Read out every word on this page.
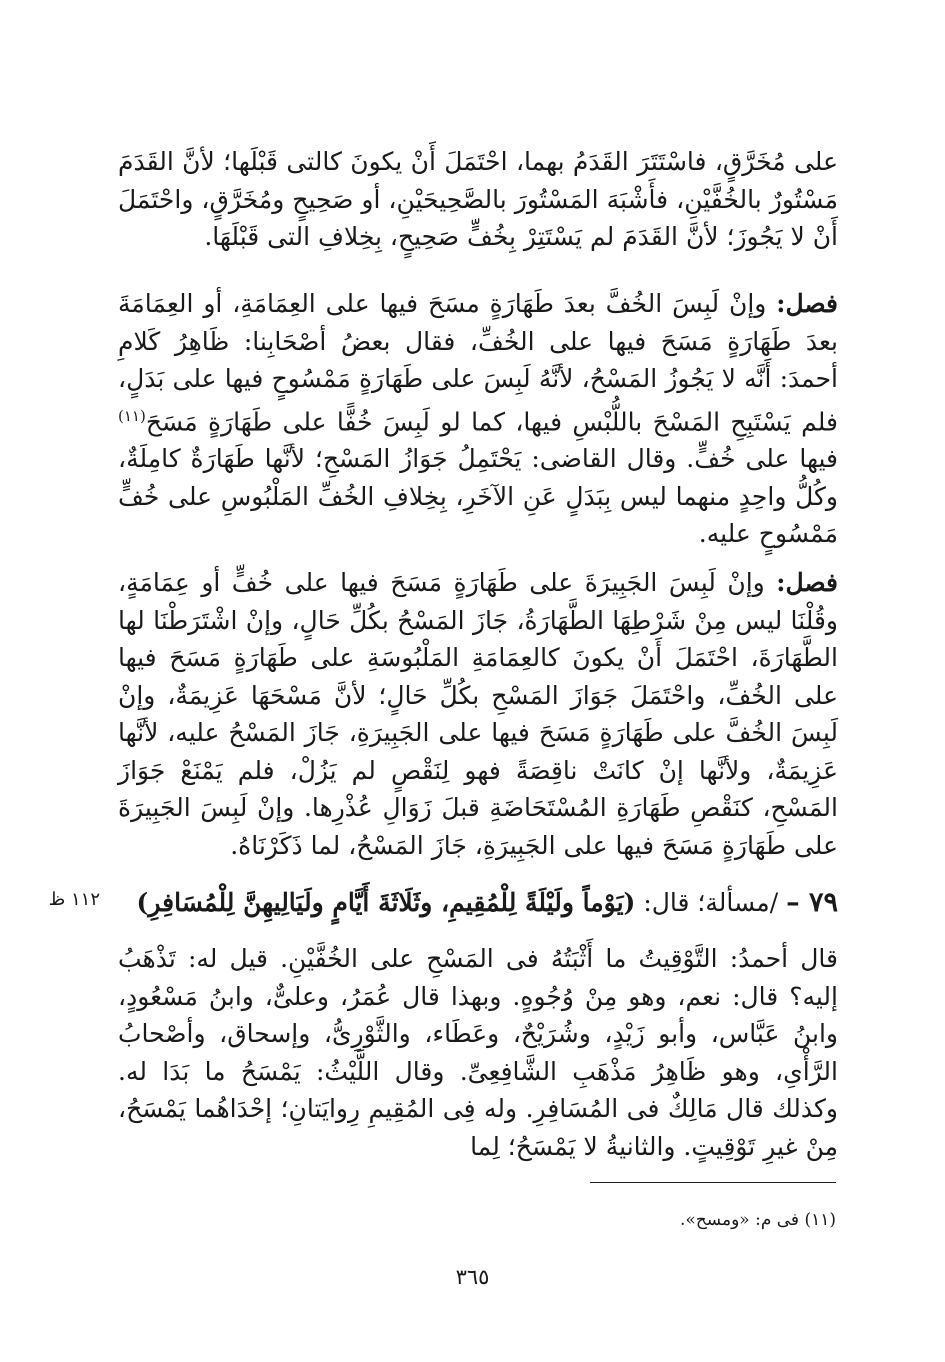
على مُخَرَّقٍ، فاسْتَتَرَ القَدَمُ بهما، احْتَمَلَ أَنْ يكونَ كالتى قَبْلَها؛ لأنَّ القَدَمَ مَسْتُورٌ بالخُفَّيْنِ، فأَشْبَهَ المَسْتُورَ بالصَّحِيحَيْنِ، أو صَحِيحٍ ومُخَرَّقٍ، واحْتَمَلَ أَنْ لا يَجُوزَ؛ لأنَّ القَدَمَ لم يَسْتَتِرْ بِخُفٍّ صَحِيحٍ، بِخِلافِ التى قَبْلَهَا.

فصل: وإنْ لَبِسَ الخُفَّ بعدَ طَهَارَةٍ مسَحَ فيها على العِمَامَةِ، أو العِمَامَةَ بعدَ طَهَارَةٍ مَسَحَ فيها على الخُفِّ، فقال بعضُ أصْحَابِنا: ظَاهِرُ كَلامِ أحمدَ: أَنَّه لا يَجُوزُ المَسْحُ، لأنَّهُ لَبِسَ على طَهَارَةٍ مَمْسُوحٍ فيها على بَدَلٍ، فلم يَسْتَبِحِ المَسْحَ باللُّبْسِ فيها، كما لو لَبِسَ خُفًّا على طَهَارَةٍ مَسَحَ$^{(١١)}$ فيها على خُفٍّ. وقال القاضى: يَحْتَمِلُ جَوَازُ المَسْحِ؛ لأنَّها طَهَارَةٌ كامِلَةٌ، وكُلُّ واحِدٍ منهما ليس بِبَدَلٍ عَنِ الآخَرِ، بِخِلافِ الخُفِّ المَلْبُوسِ على خُفٍّ مَمْسُوحٍ عليه.

فصل: وإنْ لَبِسَ الجَبِيرَةَ على طَهَارَةٍ مَسَحَ فيها على خُفٍّ أو عِمَامَةٍ، وقُلْنَا ليس مِنْ شَرْطِهَا الطَّهَارَةُ، جَازَ المَسْحُ بكُلِّ حَالٍ، وإنْ اشْتَرَطْنَا لها الطَّهَارَةَ، احْتَمَلَ أَنْ يكونَ كالعِمَامَةِ المَلْبُوسَةِ على طَهَارَةٍ مَسَحَ فيها على الخُفِّ، واحْتَمَلَ جَوَازَ المَسْحِ بكُلِّ حَالٍ؛ لأنَّ مَسْحَهَا عَزِيمَةٌ، وإنْ لَبِسَ الخُفَّ على طَهَارَةٍ مَسَحَ فيها على الجَبِيرَةِ، جَازَ المَسْحُ عليه، لأنَّها عَزِيمَةٌ، ولأنَّها إنْ كانَتْ ناقِصَةً فهو لِنَقْصٍ لم يَزُلْ، فلم يَمْنَعْ جَوَازَ المَسْحِ، كنَقْصِ طَهَارَةِ المُسْتَحَاضَةِ قبلَ زَوَالِ عُذْرِها. وإنْ لَبِسَ الجَبِيرَةَ على طَهَارَةٍ مَسَحَ فيها على الجَبِيرَةِ، جَازَ المَسْحُ، لما ذَكَرْنَاهُ.

٧٩ – /مسألة؛ قال: (يَوْماً ولَيْلَةً لِلْمُقِيمِ، وثَلَاثَةَ أَيَّامٍ ولَيَالِيهِنَّ لِلْمُسَافِرِ)
١١٢ ظ

قال أحمدُ: التَّوْقِيتُ ما أَثْبَتُهُ فى المَسْحِ على الخُفَّيْنِ. قيل له: تَذْهَبُ إليه؟ قال: نعم، وهو مِنْ وُجُوهٍ. وبهذا قال عُمَرُ، وعلىٌّ، وابنُ مَسْعُودٍ، وابنُ عَبَّاس، وأبو زَيْدٍ، وشُرَيْحٌ، وعَطَاء، والثَّوْرِىُّ، وإسحاق، وأصْحابُ الرَّأْىِ، وهو ظَاهِرُ مَذْهَبِ الشَّافِعِىِّ. وقال اللَّيْثُ: يَمْسَحُ ما بَدَا له. وكذلك قال مَالِكٌ فى المُسَافِرِ. وله فِى المُقِيمِ رِوايَتانِ؛ إحْدَاهُما يَمْسَحُ، مِنْ غيرِ تَوْقِيتٍ. والثانيةُ لا يَمْسَحُ؛ لِما

(١١) فى م: «ومسح».
٣٦٥
